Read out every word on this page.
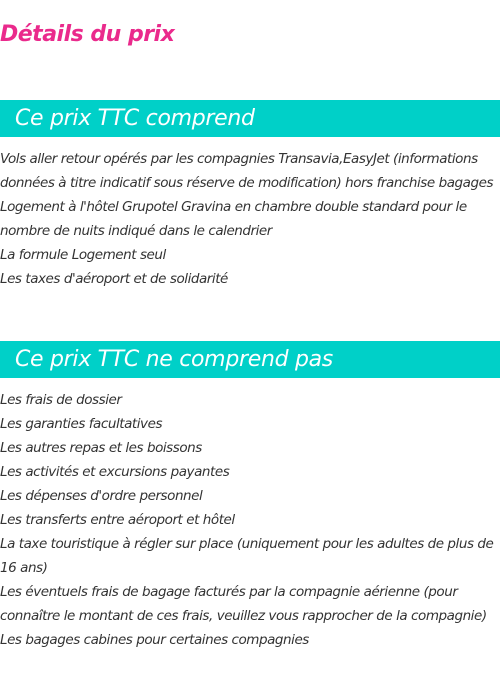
Détails du prix
Ce prix TTC comprend
Vols aller retour opérés par les compagnies Transavia,EasyJet (informations données à titre indicatif sous réserve de modification) hors franchise bagages
Logement à l'hôtel Grupotel Gravina en chambre double standard pour le nombre de nuits indiqué dans le calendrier
La formule Logement seul
Les taxes d'aéroport et de solidarité
Ce prix TTC ne comprend pas
Les frais de dossier
Les garanties facultatives
Les autres repas et les boissons
Les activités et excursions payantes
Les dépenses d'ordre personnel
Les transferts entre aéroport et hôtel
La taxe touristique à régler sur place (uniquement pour les adultes de plus de 16 ans)
Les éventuels frais de bagage facturés par la compagnie aérienne (pour connaître le montant de ces frais, veuillez vous rapprocher de la compagnie)
Les bagages cabines pour certaines compagnies
